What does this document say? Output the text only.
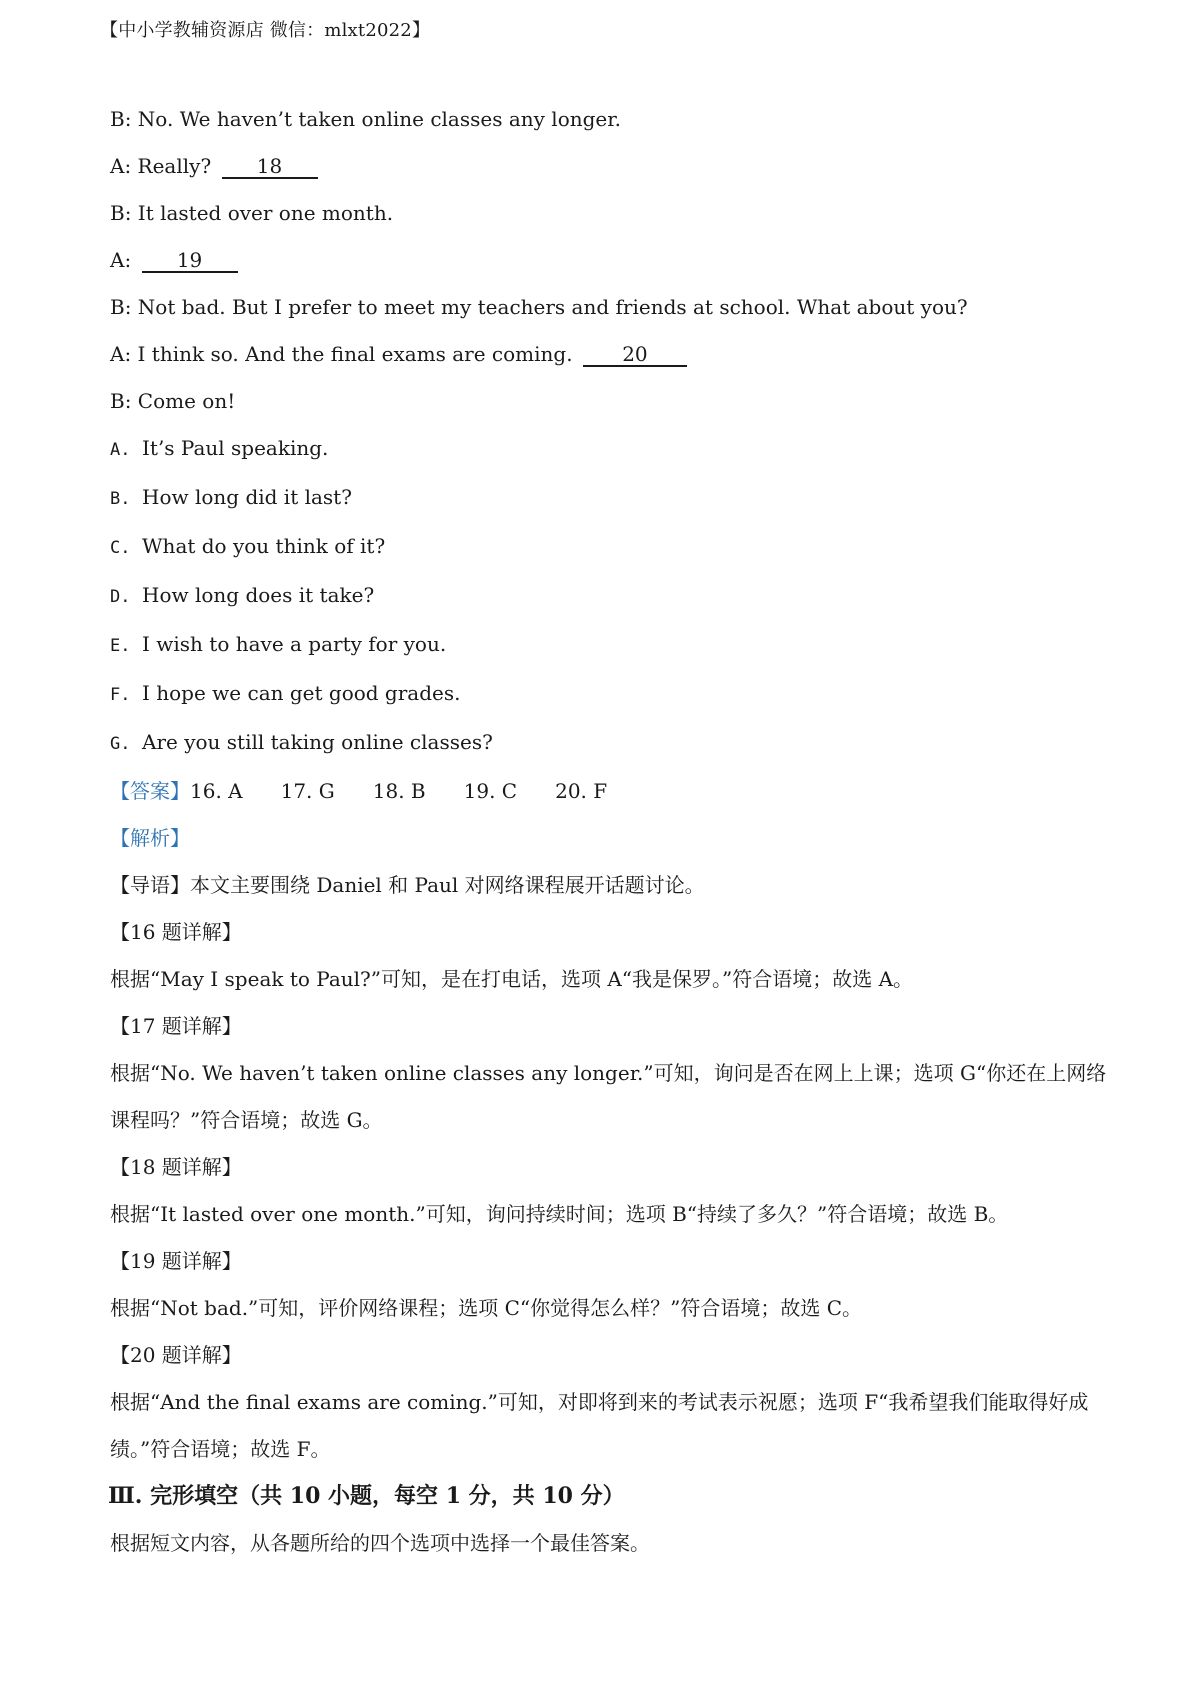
【中小学教辅资源店 微信：mlxt2022】
B: No. We haven’t taken online classes any longer.
A: Really? 18
B: It lasted over one month.
A: 19
B: Not bad. But I prefer to meet my teachers and friends at school. What about you?
A: I think so. And the final exams are coming. 20
B: Come on!
A. It’s Paul speaking.
B. How long did it last?
C. What do you think of it?
D. How long does it take?
E. I wish to have a party for you.
F. I hope we can get good grades.
G. Are you still taking online classes?
【答案】16. A 17. G 18. B 19. C 20. F
【解析】
【导语】本文主要围绕 Daniel 和 Paul 对网络课程展开话题讨论。
【16 题详解】
根据“May I speak to Paul?”可知，是在打电话，选项 A“我是保罗。”符合语境；故选 A。
【17 题详解】
根据“No. We haven’t taken online classes any longer.”可知，询问是否在网上上课；选项 G“你还在上网络课程吗？”符合语境；故选 G。
【18 题详解】
根据“It lasted over one month.”可知，询问持续时间；选项 B“持续了多久？”符合语境；故选 B。
【19 题详解】
根据“Not bad.”可知，评价网络课程；选项 C“你觉得怎么样？”符合语境；故选 C。
【20 题详解】
根据“And the final exams are coming.”可知，对即将到来的考试表示祝愿；选项 F“我希望我们能取得好成绩。”符合语境；故选 F。
Ⅲ. 完形填空（共 10 小题，每空 1 分，共 10 分）
根据短文内容，从各题所给的四个选项中选择一个最佳答案。
